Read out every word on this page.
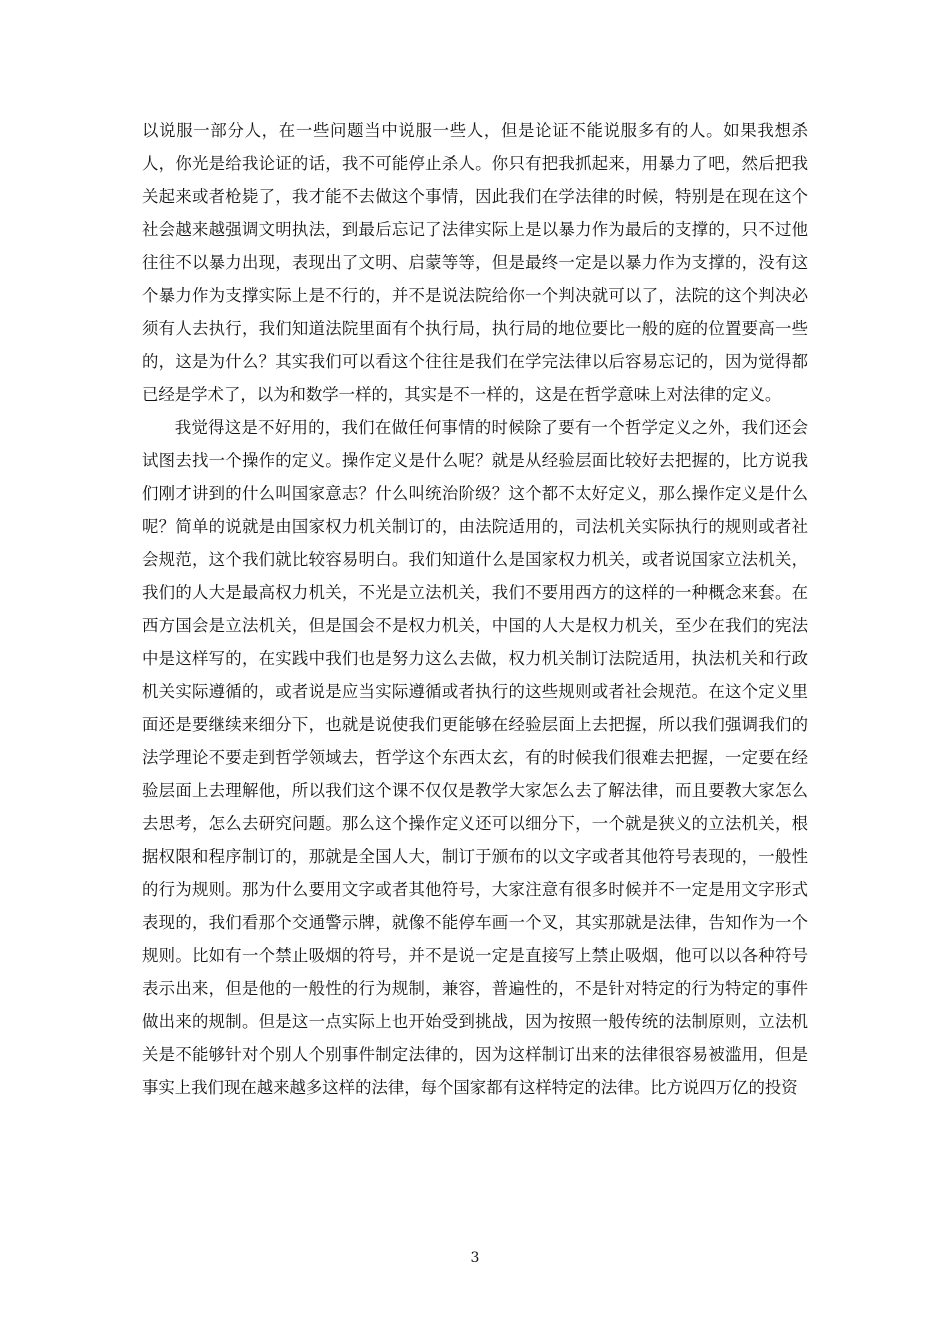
以说服一部分人，在一些问题当中说服一些人，但是论证不能说服多有的人。如果我想杀人，你光是给我论证的话，我不可能停止杀人。你只有把我抓起来，用暴力了吧，然后把我关起来或者枪毙了，我才能不去做这个事情，因此我们在学法律的时候，特别是在现在这个社会越来越强调文明执法，到最后忘记了法律实际上是以暴力作为最后的支撑的，只不过他往往不以暴力出现，表现出了文明、启蒙等等，但是最终一定是以暴力作为支撑的，没有这个暴力作为支撑实际上是不行的，并不是说法院给你一个判决就可以了，法院的这个判决必须有人去执行，我们知道法院里面有个执行局，执行局的地位要比一般的庭的位置要高一些的，这是为什么？其实我们可以看这个往往是我们在学完法律以后容易忘记的，因为觉得都已经是学术了，以为和数学一样的，其实是不一样的，这是在哲学意味上对法律的定义。

我觉得这是不好用的，我们在做任何事情的时候除了要有一个哲学定义之外，我们还会试图去找一个操作的定义。操作定义是什么呢？就是从经验层面比较好去把握的，比方说我们刚才讲到的什么叫国家意志？什么叫统治阶级？这个都不太好定义，那么操作定义是什么呢？简单的说就是由国家权力机关制订的，由法院适用的，司法机关实际执行的规则或者社会规范，这个我们就比较容易明白。我们知道什么是国家权力机关，或者说国家立法机关，我们的人大是最高权力机关，不光是立法机关，我们不要用西方的这样的一种概念来套。在西方国会是立法机关，但是国会不是权力机关，中国的人大是权力机关，至少在我们的宪法中是这样写的，在实践中我们也是努力这么去做，权力机关制订法院适用，执法机关和行政机关实际遵循的，或者说是应当实际遵循或者执行的这些规则或者社会规范。在这个定义里面还是要继续来细分下，也就是说使我们更能够在经验层面上去把握，所以我们强调我们的法学理论不要走到哲学领域去，哲学这个东西太玄，有的时候我们很难去把握，一定要在经验层面上去理解他，所以我们这个课不仅仅是教学大家怎么去了解法律，而且要教大家怎么去思考，怎么去研究问题。那么这个操作定义还可以细分下，一个就是狭义的立法机关，根据权限和程序制订的，那就是全国人大，制订于颁布的以文字或者其他符号表现的，一般性的行为规则。那为什么要用文字或者其他符号，大家注意有很多时候并不一定是用文字形式表现的，我们看那个交通警示牌，就像不能停车画一个叉，其实那就是法律，告知作为一个规则。比如有一个禁止吸烟的符号，并不是说一定是直接写上禁止吸烟，他可以以各种符号表示出来，但是他的一般性的行为规制，兼容，普遍性的，不是针对特定的行为特定的事件做出来的规制。但是这一点实际上也开始受到挑战，因为按照一般传统的法制原则，立法机关是不能够针对个别人个别事件制定法律的，因为这样制订出来的法律很容易被滥用，但是事实上我们现在越来越多这样的法律，每个国家都有这样特定的法律。比方说四万亿的投资

3
